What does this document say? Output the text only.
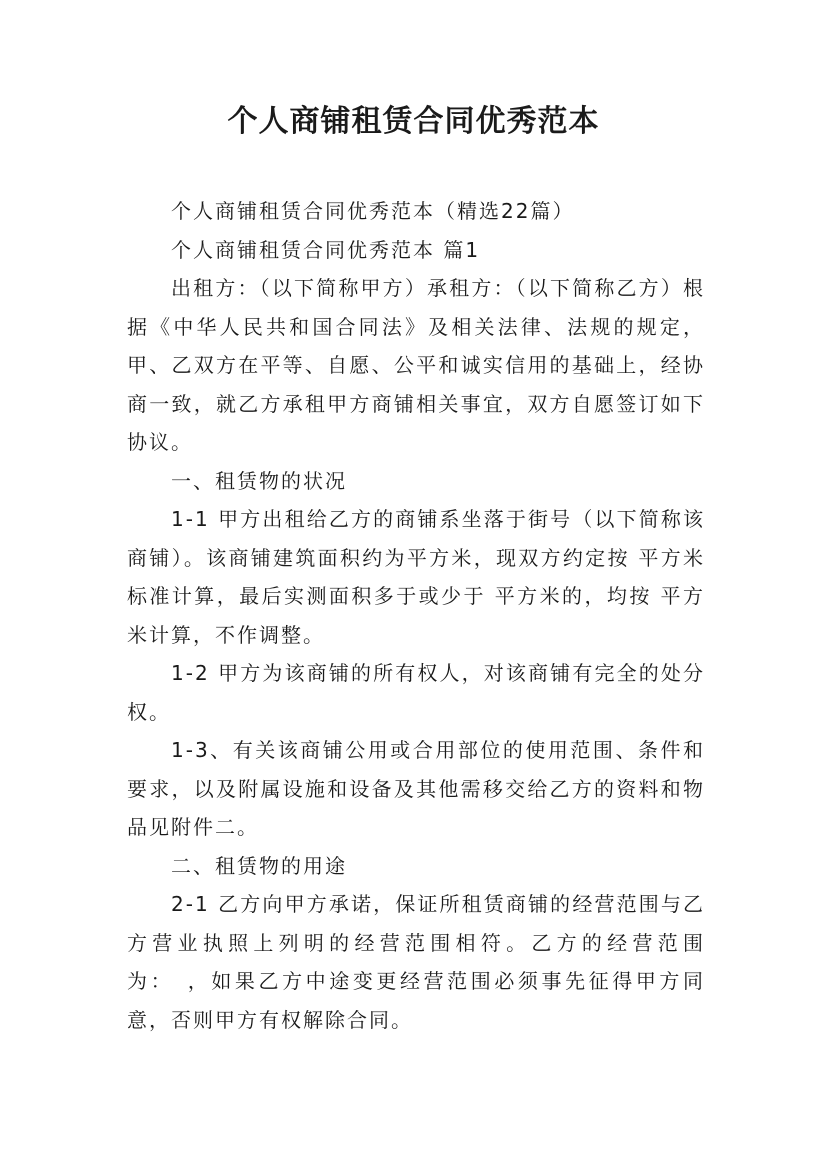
个人商铺租赁合同优秀范本

个人商铺租赁合同优秀范本（精选22篇）

个人商铺租赁合同优秀范本 篇1

出租方：（以下简称甲方）承租方：（以下简称乙方）根据《中华人民共和国合同法》及相关法律、法规的规定，甲、乙双方在平等、自愿、公平和诚实信用的基础上，经协商一致，就乙方承租甲方商铺相关事宜，双方自愿签订如下协议。

一、租赁物的状况

1-1 甲方出租给乙方的商铺系坐落于街号（以下简称该商铺）。该商铺建筑面积约为平方米，现双方约定按 平方米标准计算，最后实测面积多于或少于 平方米的，均按 平方米计算，不作调整。

1-2 甲方为该商铺的所有权人，对该商铺有完全的处分权。

1-3、有关该商铺公用或合用部位的使用范围、条件和要求，以及附属设施和设备及其他需移交给乙方的资料和物品见附件二。

二、租赁物的用途

2-1 乙方向甲方承诺，保证所租赁商铺的经营范围与乙方营业执照上列明的经营范围相符。乙方的经营范围为：　，如果乙方中途变更经营范围必须事先征得甲方同意，否则甲方有权解除合同。
